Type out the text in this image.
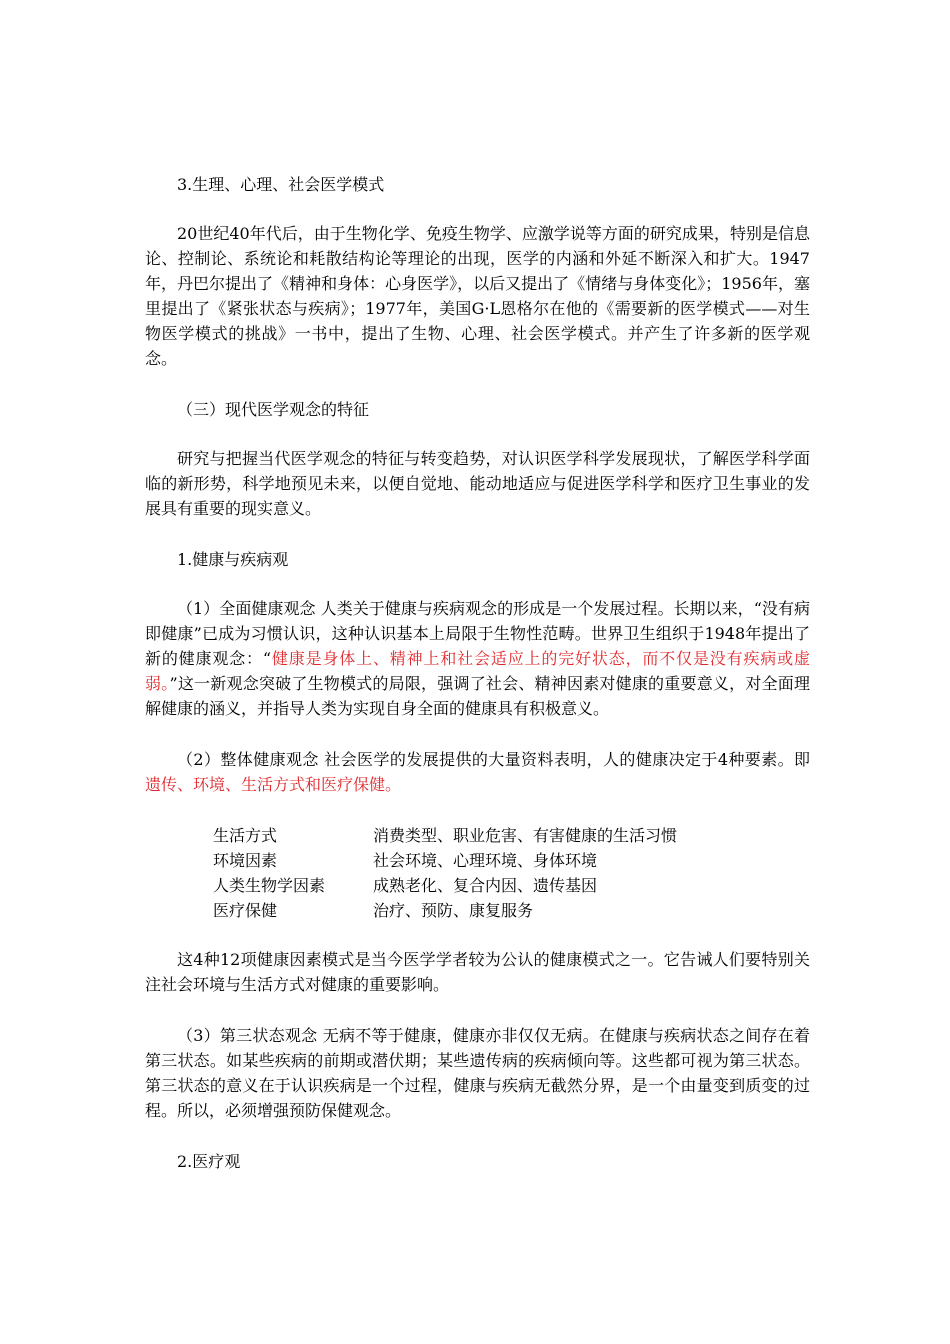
3.生理、心理、社会医学模式

20世纪40年代后，由于生物化学、免疫生物学、应激学说等方面的研究成果，特别是信息论、控制论、系统论和耗散结构论等理论的出现，医学的内涵和外延不断深入和扩大。1947年，丹巴尔提出了《精神和身体：心身医学》，以后又提出了《情绪与身体变化》；1956年，塞里提出了《紧张状态与疾病》；1977年，美国G·L恩格尔在他的《需要新的医学模式——对生物医学模式的挑战》一书中，提出了生物、心理、社会医学模式。并产生了许多新的医学观念。

（三）现代医学观念的特征

研究与把握当代医学观念的特征与转变趋势，对认识医学科学发展现状，了解医学科学面临的新形势，科学地预见未来，以便自觉地、能动地适应与促进医学科学和医疗卫生事业的发展具有重要的现实意义。

1.健康与疾病观

（1）全面健康观念 人类关于健康与疾病观念的形成是一个发展过程。长期以来，“没有病即健康”已成为习惯认识，这种认识基本上局限于生物性范畴。世界卫生组织于1948年提出了新的健康观念：“健康是身体上、精神上和社会适应上的完好状态，而不仅是没有疾病或虚弱。”这一新观念突破了生物模式的局限，强调了社会、精神因素对健康的重要意义，对全面理解健康的涵义，并指导人类为实现自身全面的健康具有积极意义。

（2）整体健康观念 社会医学的发展提供的大量资料表明，人的健康决定于4种要素。即遗传、环境、生活方式和医疗保健。

生活方式	消费类型、职业危害、有害健康的生活习惯
环境因素	社会环境、心理环境、身体环境
人类生物学因素	成熟老化、复合内因、遗传基因
医疗保健	治疗、预防、康复服务

这4种12项健康因素模式是当今医学学者较为公认的健康模式之一。它告诫人们要特别关注社会环境与生活方式对健康的重要影响。

（3）第三状态观念 无病不等于健康，健康亦非仅仅无病。在健康与疾病状态之间存在着第三状态。如某些疾病的前期或潜伏期；某些遗传病的疾病倾向等。这些都可视为第三状态。第三状态的意义在于认识疾病是一个过程，健康与疾病无截然分界，是一个由量变到质变的过程。所以，必须增强预防保健观念。

2.医疗观
